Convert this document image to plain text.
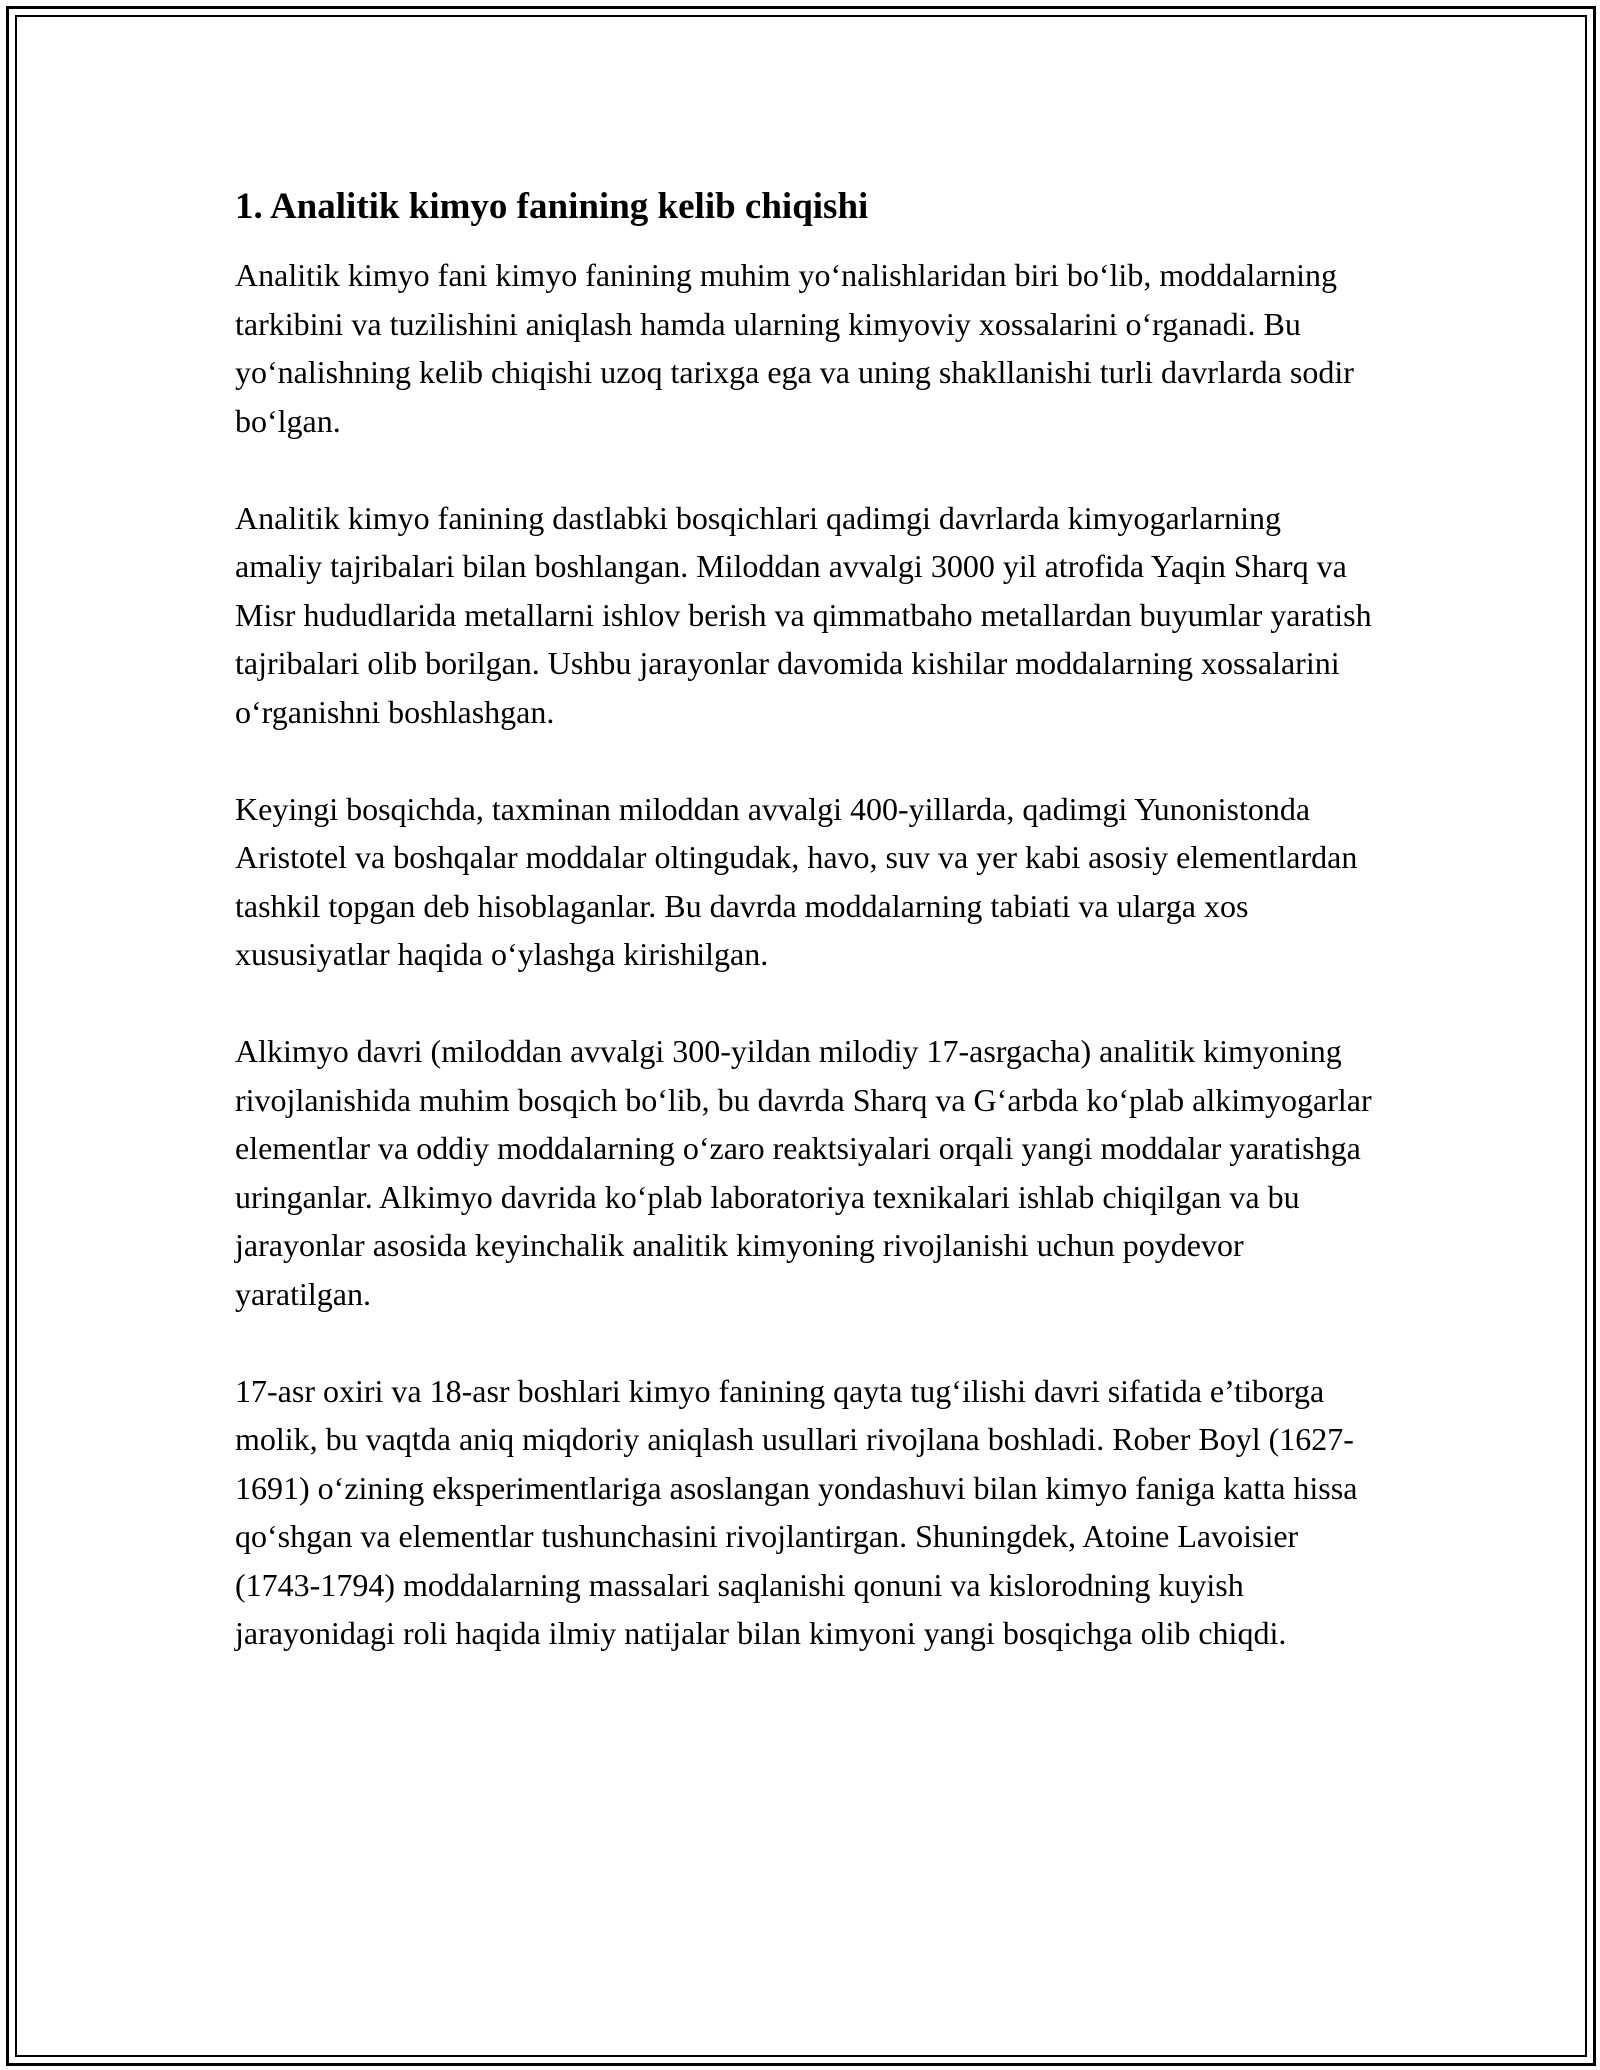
1. Analitik kimyo fanining kelib chiqishi

Analitik kimyo fani kimyo fanining muhim yo‘nalishlaridan biri bo‘lib, moddalarning tarkibini va tuzilishini aniqlash hamda ularning kimyoviy xossalarini o‘rganadi. Bu yo‘nalishning kelib chiqishi uzoq tarixga ega va uning shakllanishi turli davrlarda sodir bo‘lgan.

Analitik kimyo fanining dastlabki bosqichlari qadimgi davrlarda kimyogarlarning amaliy tajribalari bilan boshlangan. Miloddan avvalgi 3000 yil atrofida Yaqin Sharq va Misr hududlarida metallarni ishlov berish va qimmatbaho metallardan buyumlar yaratish tajribalari olib borilgan. Ushbu jarayonlar davomida kishilar moddalarning xossalarini o‘rganishni boshlashgan.

Keyingi bosqichda, taxminan miloddan avvalgi 400-yillarda, qadimgi Yunonistonda Aristotel va boshqalar moddalar oltingudak, havo, suv va yer kabi asosiy elementlardan tashkil topgan deb hisoblaganlar. Bu davrda moddalarning tabiati va ularga xos xususiyatlar haqida o‘ylashga kirishilgan.

Alkimyo davri (miloddan avvalgi 300-yildan milodiy 17-asrgacha) analitik kimyoning rivojlanishida muhim bosqich bo‘lib, bu davrda Sharq va G‘arbda ko‘plab alkimyogarlar elementlar va oddiy moddalarning o‘zaro reaktsiyalari orqali yangi moddalar yaratishga uringanlar. Alkimyo davrida ko‘plab laboratoriya texnikalari ishlab chiqilgan va bu jarayonlar asosida keyinchalik analitik kimyoning rivojlanishi uchun poydevor yaratilgan.

17-asr oxiri va 18-asr boshlari kimyo fanining qayta tug‘ilishi davri sifatida e’tiborga molik, bu vaqtda aniq miqdoriy aniqlash usullari rivojlana boshladi. Rober Boyl (1627-1691) o‘zining eksperimentlariga asoslangan yondashuvi bilan kimyo faniga katta hissa qo‘shgan va elementlar tushunchasini rivojlantirgan. Shuningdek, Atoine Lavoisier (1743-1794) moddalarning massalari saqlanishi qonuni va kislorodning kuyish jarayonidagi roli haqida ilmiy natijalar bilan kimyoni yangi bosqichga olib chiqdi.
